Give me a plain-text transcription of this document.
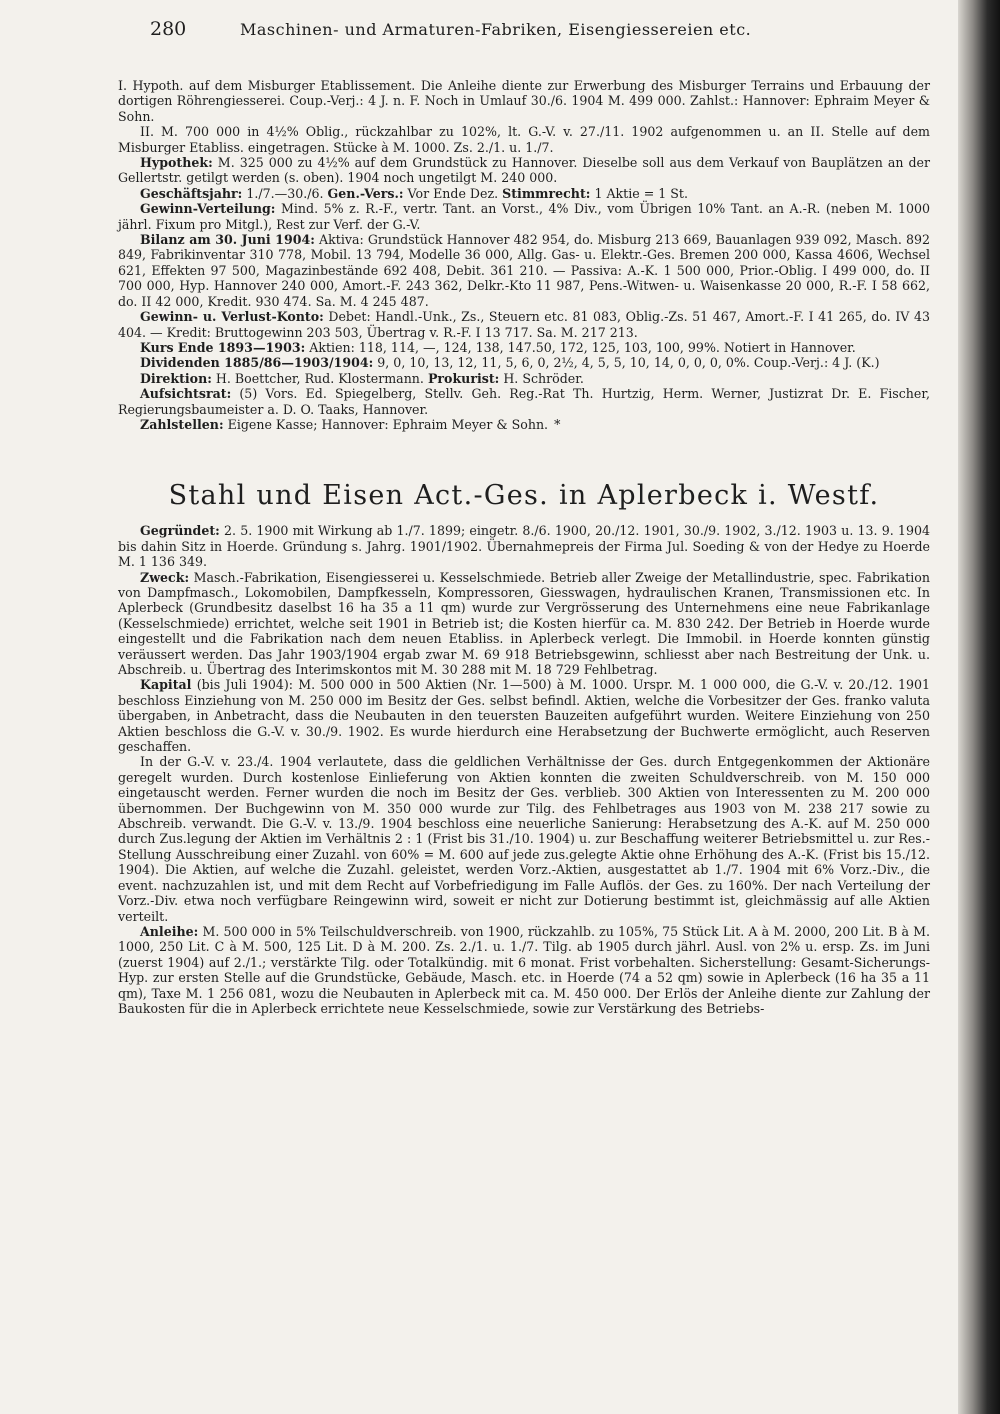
280	Maschinen- und Armaturen-Fabriken, Eisengiessereien etc.

I. Hypoth. auf dem Misburger Etablissement. Die Anleihe diente zur Erwerbung des Misburger Terrains und Erbauung der dortigen Röhrengiesserei. Coup.-Verj.: 4 J. n. F. Noch in Umlauf 30./6. 1904 M. 499 000. Zahlst.: Hannover: Ephraim Meyer & Sohn.

II. M. 700 000 in 4½% Oblig., rückzahlbar zu 102%, lt. G.-V. v. 27./11. 1902 aufgenommen u. an II. Stelle auf dem Misburger Etabliss. eingetragen. Stücke à M. 1000. Zs. 2./1. u. 1./7.

Hypothek: M. 325 000 zu 4½% auf dem Grundstück zu Hannover. Dieselbe soll aus dem Verkauf von Bauplätzen an der Gellertstr. getilgt werden (s. oben). 1904 noch ungetilgt M. 240 000.

Geschäftsjahr: 1./7.—30./6. Gen.-Vers.: Vor Ende Dez. Stimmrecht: 1 Aktie = 1 St.

Gewinn-Verteilung: Mind. 5% z. R.-F., vertr. Tant. an Vorst., 4% Div., vom Übrigen 10% Tant. an A.-R. (neben M. 1000 jährl. Fixum pro Mitgl.), Rest zur Verf. der G.-V.

Bilanz am 30. Juni 1904: Aktiva: Grundstück Hannover 482 954, do. Misburg 213 669, Bauanlagen 939 092, Masch. 892 849, Fabrikinventar 310 778, Mobil. 13 794, Modelle 36 000, Allg. Gas- u. Elektr.-Ges. Bremen 200 000, Kassa 4606, Wechsel 621, Effekten 97 500, Magazinbestände 692 408, Debit. 361 210. — Passiva: A.-K. 1 500 000, Prior.-Oblig. I 499 000, do. II 700 000, Hyp. Hannover 240 000, Amort.-F. 243 362, Delkr.-Kto 11 987, Pens.-Witwen- u. Waisenkasse 20 000, R.-F. I 58 662, do. II 42 000, Kredit. 930 474. Sa. M. 4 245 487.

Gewinn- u. Verlust-Konto: Debet: Handl.-Unk., Zs., Steuern etc. 81 083, Oblig.-Zs. 51 467, Amort.-F. I 41 265, do. IV 43 404. — Kredit: Bruttogewinn 203 503, Übertrag v. R.-F. I 13 717. Sa. M. 217 213.

Kurs Ende 1893—1903: Aktien: 118, 114, —, 124, 138, 147.50, 172, 125, 103, 100, 99%. Notiert in Hannover.

Dividenden 1885/86—1903/1904: 9, 0, 10, 13, 12, 11, 5, 6, 0, 2½, 4, 5, 5, 10, 14, 0, 0, 0, 0%. Coup.-Verj.: 4 J. (K.)

Direktion: H. Boettcher, Rud. Klostermann. Prokurist: H. Schröder.

Aufsichtsrat: (5) Vors. Ed. Spiegelberg, Stellv. Geh. Reg.-Rat Th. Hurtzig, Herm. Werner, Justizrat Dr. E. Fischer, Regierungsbaumeister a. D. O. Taaks, Hannover.

Zahlstellen: Eigene Kasse; Hannover: Ephraim Meyer & Sohn. *

Stahl und Eisen Act.-Ges. in Aplerbeck i. Westf.

Gegründet: 2. 5. 1900 mit Wirkung ab 1./7. 1899; eingetr. 8./6. 1900, 20./12. 1901, 30./9. 1902, 3./12. 1903 u. 13. 9. 1904 bis dahin Sitz in Hoerde. Gründung s. Jahrg. 1901/1902. Übernahmepreis der Firma Jul. Soeding & von der Hedye zu Hoerde M. 1 136 349.

Zweck: Masch.-Fabrikation, Eisengiesserei u. Kesselschmiede. Betrieb aller Zweige der Metallindustrie, spec. Fabrikation von Dampfmasch., Lokomobilen, Dampfkesseln, Kompressoren, Giesswagen, hydraulischen Kranen, Transmissionen etc. In Aplerbeck (Grundbesitz daselbst 16 ha 35 a 11 qm) wurde zur Vergrösserung des Unternehmens eine neue Fabrikanlage (Kesselschmiede) errichtet, welche seit 1901 in Betrieb ist; die Kosten hierfür ca. M. 830 242. Der Betrieb in Hoerde wurde eingestellt und die Fabrikation nach dem neuen Etabliss. in Aplerbeck verlegt. Die Immobil. in Hoerde konnten günstig veräussert werden. Das Jahr 1903/1904 ergab zwar M. 69 918 Betriebsgewinn, schliesst aber nach Bestreitung der Unk. u. Abschreib. u. Übertrag des Interimskontos mit M. 30 288 mit M. 18 729 Fehlbetrag.

Kapital (bis Juli 1904): M. 500 000 in 500 Aktien (Nr. 1—500) à M. 1000. Urspr. M. 1 000 000, die G.-V. v. 20./12. 1901 beschloss Einziehung von M. 250 000 im Besitz der Ges. selbst befindl. Aktien, welche die Vorbesitzer der Ges. franko valuta übergaben, in Anbetracht, dass die Neubauten in den teuersten Bauzeiten aufgeführt wurden. Weitere Einziehung von 250 Aktien beschloss die G.-V. v. 30./9. 1902. Es wurde hierdurch eine Herabsetzung der Buchwerte ermöglicht, auch Reserven geschaffen.

In der G.-V. v. 23./4. 1904 verlautete, dass die geldlichen Verhältnisse der Ges. durch Entgegenkommen der Aktionäre geregelt wurden. Durch kostenlose Einlieferung von Aktien konnten die zweiten Schuldverschreib. von M. 150 000 eingetauscht werden. Ferner wurden die noch im Besitz der Ges. verblieb. 300 Aktien von Interessenten zu M. 200 000 übernommen. Der Buchgewinn von M. 350 000 wurde zur Tilg. des Fehlbetrages aus 1903 von M. 238 217 sowie zu Abschreib. verwandt. Die G.-V. v. 13./9. 1904 beschloss eine neuerliche Sanierung: Herabsetzung des A.-K. auf M. 250 000 durch Zus.legung der Aktien im Verhältnis 2 : 1 (Frist bis 31./10. 1904) u. zur Beschaffung weiterer Betriebsmittel u. zur Res.-Stellung Ausschreibung einer Zuzahl. von 60% = M. 600 auf jede zus.gelegte Aktie ohne Erhöhung des A.-K. (Frist bis 15./12. 1904). Die Aktien, auf welche die Zuzahl. geleistet, werden Vorz.-Aktien, ausgestattet ab 1./7. 1904 mit 6% Vorz.-Div., die event. nachzuzahlen ist, und mit dem Recht auf Vorbefriedigung im Falle Auflös. der Ges. zu 160%. Der nach Verteilung der Vorz.-Div. etwa noch verfügbare Reingewinn wird, soweit er nicht zur Dotierung bestimmt ist, gleichmässig auf alle Aktien verteilt.

Anleihe: M. 500 000 in 5% Teilschuldverschreib. von 1900, rückzahlb. zu 105%, 75 Stück Lit. A à M. 2000, 200 Lit. B à M. 1000, 250 Lit. C à M. 500, 125 Lit. D à M. 200. Zs. 2./1. u. 1./7. Tilg. ab 1905 durch jährl. Ausl. von 2% u. ersp. Zs. im Juni (zuerst 1904) auf 2./1.; verstärkte Tilg. oder Totalkündig. mit 6 monat. Frist vorbehalten. Sicherstellung: Gesamt-Sicherungs-Hyp. zur ersten Stelle auf die Grundstücke, Gebäude, Masch. etc. in Hoerde (74 a 52 qm) sowie in Aplerbeck (16 ha 35 a 11 qm), Taxe M. 1 256 081, wozu die Neubauten in Aplerbeck mit ca. M. 450 000. Der Erlös der Anleihe diente zur Zahlung der Baukosten für die in Aplerbeck errichtete neue Kesselschmiede, sowie zur Verstärkung des Betriebs-
